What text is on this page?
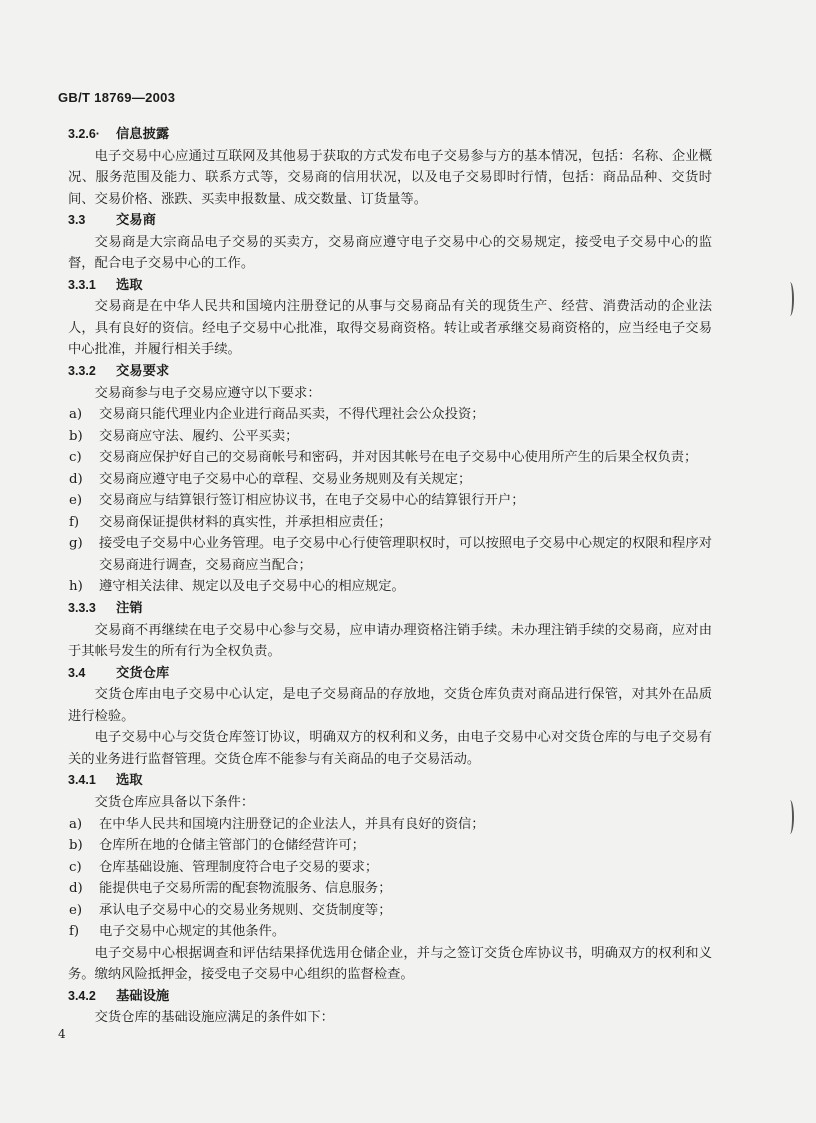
GB/T 18769—2003

3.2.6· 信息披露

电子交易中心应通过互联网及其他易于获取的方式发布电子交易参与方的基本情况，包括：名称、企业概况、服务范围及能力、联系方式等，交易商的信用状况，以及电子交易即时行情，包括：商品品种、交货时间、交易价格、涨跌、买卖申报数量、成交数量、订货量等。

3.3 交易商

交易商是大宗商品电子交易的买卖方，交易商应遵守电子交易中心的交易规定，接受电子交易中心的监督，配合电子交易中心的工作。

3.3.1 选取

交易商是在中华人民共和国境内注册登记的从事与交易商品有关的现货生产、经营、消费活动的企业法人，具有良好的资信。经电子交易中心批准，取得交易商资格。转让或者承继交易商资格的，应当经电子交易中心批准，并履行相关手续。

3.3.2 交易要求

交易商参与电子交易应遵守以下要求：

a)	交易商只能代理业内企业进行商品买卖，不得代理社会公众投资；

b)	交易商应守法、履约、公平买卖；

c)	交易商应保护好自己的交易商帐号和密码，并对因其帐号在电子交易中心使用所产生的后果全权负责；

d)	交易商应遵守电子交易中心的章程、交易业务规则及有关规定；

e)	交易商应与结算银行签订相应协议书，在电子交易中心的结算银行开户；

f)	交易商保证提供材料的真实性，并承担相应责任；

g)	接受电子交易中心业务管理。电子交易中心行使管理职权时，可以按照电子交易中心规定的权限和程序对交易商进行调查，交易商应当配合；

h)	遵守相关法律、规定以及电子交易中心的相应规定。

3.3.3 注销

交易商不再继续在电子交易中心参与交易，应申请办理资格注销手续。未办理注销手续的交易商，应对由于其帐号发生的所有行为全权负责。

3.4 交货仓库

交货仓库由电子交易中心认定，是电子交易商品的存放地，交货仓库负责对商品进行保管，对其外在品质进行检验。

电子交易中心与交货仓库签订协议，明确双方的权利和义务，由电子交易中心对交货仓库的与电子交易有关的业务进行监督管理。交货仓库不能参与有关商品的电子交易活动。

3.4.1 选取

交货仓库应具备以下条件：

a)	在中华人民共和国境内注册登记的企业法人，并具有良好的资信；

b)	仓库所在地的仓储主管部门的仓储经营许可；

c)	仓库基础设施、管理制度符合电子交易的要求；

d)	能提供电子交易所需的配套物流服务、信息服务；

e)	承认电子交易中心的交易业务规则、交货制度等；

f)	电子交易中心规定的其他条件。

电子交易中心根据调查和评估结果择优选用仓储企业，并与之签订交货仓库协议书，明确双方的权利和义务。缴纳风险抵押金，接受电子交易中心组织的监督检查。

3.4.2 基础设施

交货仓库的基础设施应满足的条件如下：

4
